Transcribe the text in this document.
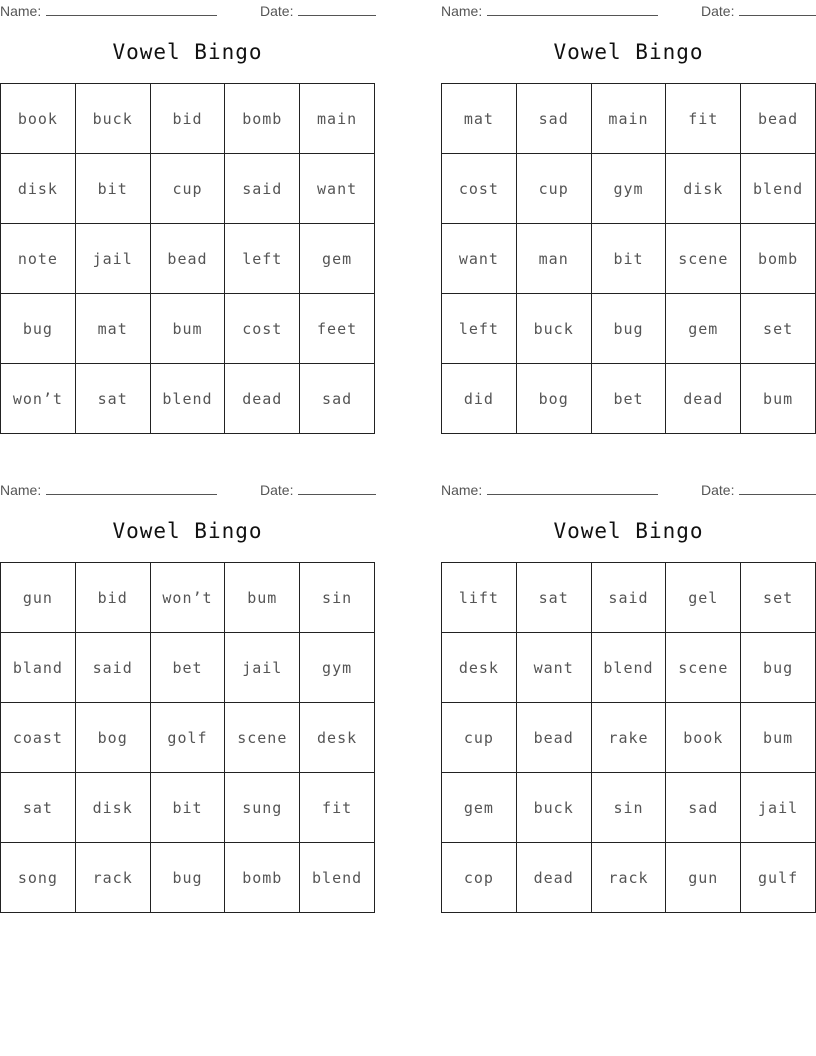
Name:	Date:
Vowel Bingo
book	buck	bid	bomb	main
disk	bit	cup	said	want
note	jail	bead	left	gem
bug	mat	bum	cost	feet
won’t	sat	blend	dead	sad
Name:	Date:
Vowel Bingo
mat	sad	main	fit	bead
cost	cup	gym	disk	blend
want	man	bit	scene	bomb
left	buck	bug	gem	set
did	bog	bet	dead	bum
Name:	Date:
Vowel Bingo
gun	bid	won’t	bum	sin
bland	said	bet	jail	gym
coast	bog	golf	scene	desk
sat	disk	bit	sung	fit
song	rack	bug	bomb	blend
Name:	Date:
Vowel Bingo
lift	sat	said	gel	set
desk	want	blend	scene	bug
cup	bead	rake	book	bum
gem	buck	sin	sad	jail
cop	dead	rack	gun	gulf
